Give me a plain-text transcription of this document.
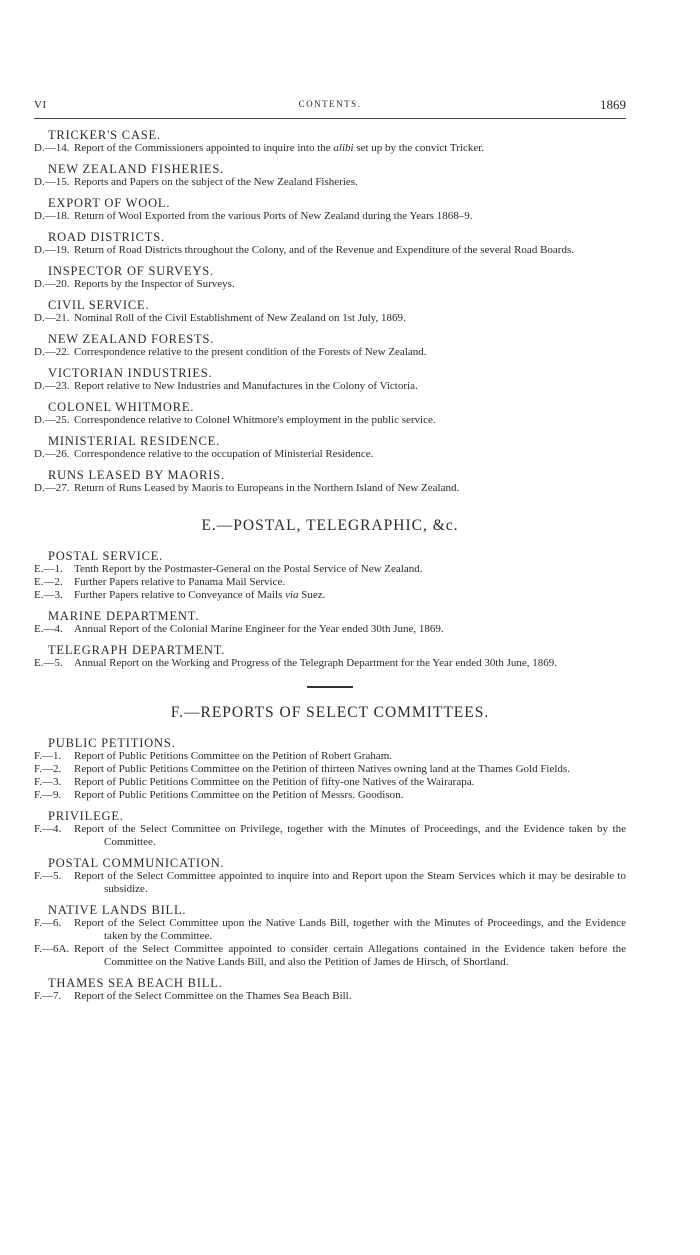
VI	CONTENTS.	1869
TRICKER'S CASE.
D.—14. Report of the Commissioners appointed to inquire into the alibi set up by the convict Tricker.
NEW ZEALAND FISHERIES.
D.—15. Reports and Papers on the subject of the New Zealand Fisheries.
EXPORT OF WOOL.
D.—18. Return of Wool Exported from the various Ports of New Zealand during the Years 1868–9.
ROAD DISTRICTS.
D.—19. Return of Road Districts throughout the Colony, and of the Revenue and Expenditure of the several Road Boards.
INSPECTOR OF SURVEYS.
D.—20. Reports by the Inspector of Surveys.
CIVIL SERVICE.
D.—21. Nominal Roll of the Civil Establishment of New Zealand on 1st July, 1869.
NEW ZEALAND FORESTS.
D.—22. Correspondence relative to the present condition of the Forests of New Zealand.
VICTORIAN INDUSTRIES.
D.—23. Report relative to New Industries and Manufactures in the Colony of Victoria.
COLONEL WHITMORE.
D.—25. Correspondence relative to Colonel Whitmore's employment in the public service.
MINISTERIAL RESIDENCE.
D.—26. Correspondence relative to the occupation of Ministerial Residence.
RUNS LEASED BY MAORIS.
D.—27. Return of Runs Leased by Maoris to Europeans in the Northern Island of New Zealand.
E.—POSTAL, TELEGRAPHIC, &c.
POSTAL SERVICE.
E.—1. Tenth Report by the Postmaster-General on the Postal Service of New Zealand.
E.—2. Further Papers relative to Panama Mail Service.
E.—3. Further Papers relative to Conveyance of Mails via Suez.
MARINE DEPARTMENT.
E.—4. Annual Report of the Colonial Marine Engineer for the Year ended 30th June, 1869.
TELEGRAPH DEPARTMENT.
E.—5. Annual Report on the Working and Progress of the Telegraph Department for the Year ended 30th June, 1869.
F.—REPORTS OF SELECT COMMITTEES.
PUBLIC PETITIONS.
F.—1. Report of Public Petitions Committee on the Petition of Robert Graham.
F.—2. Report of Public Petitions Committee on the Petition of thirteen Natives owning land at the Thames Gold Fields.
F.—3. Report of Public Petitions Committee on the Petition of fifty-one Natives of the Wairarapa.
F.—9. Report of Public Petitions Committee on the Petition of Messrs. Goodison.
PRIVILEGE.
F.—4. Report of the Select Committee on Privilege, together with the Minutes of Proceedings, and the Evidence taken by the Committee.
POSTAL COMMUNICATION.
F.—5. Report of the Select Committee appointed to inquire into and Report upon the Steam Services which it may be desirable to subsidize.
NATIVE LANDS BILL.
F.—6. Report of the Select Committee upon the Native Lands Bill, together with the Minutes of Proceedings, and the Evidence taken by the Committee.
F.—6A. Report of the Select Committee appointed to consider certain Allegations contained in the Evidence taken before the Committee on the Native Lands Bill, and also the Petition of James de Hirsch, of Shortland.
THAMES SEA BEACH BILL.
F.—7. Report of the Select Committee on the Thames Sea Beach Bill.
